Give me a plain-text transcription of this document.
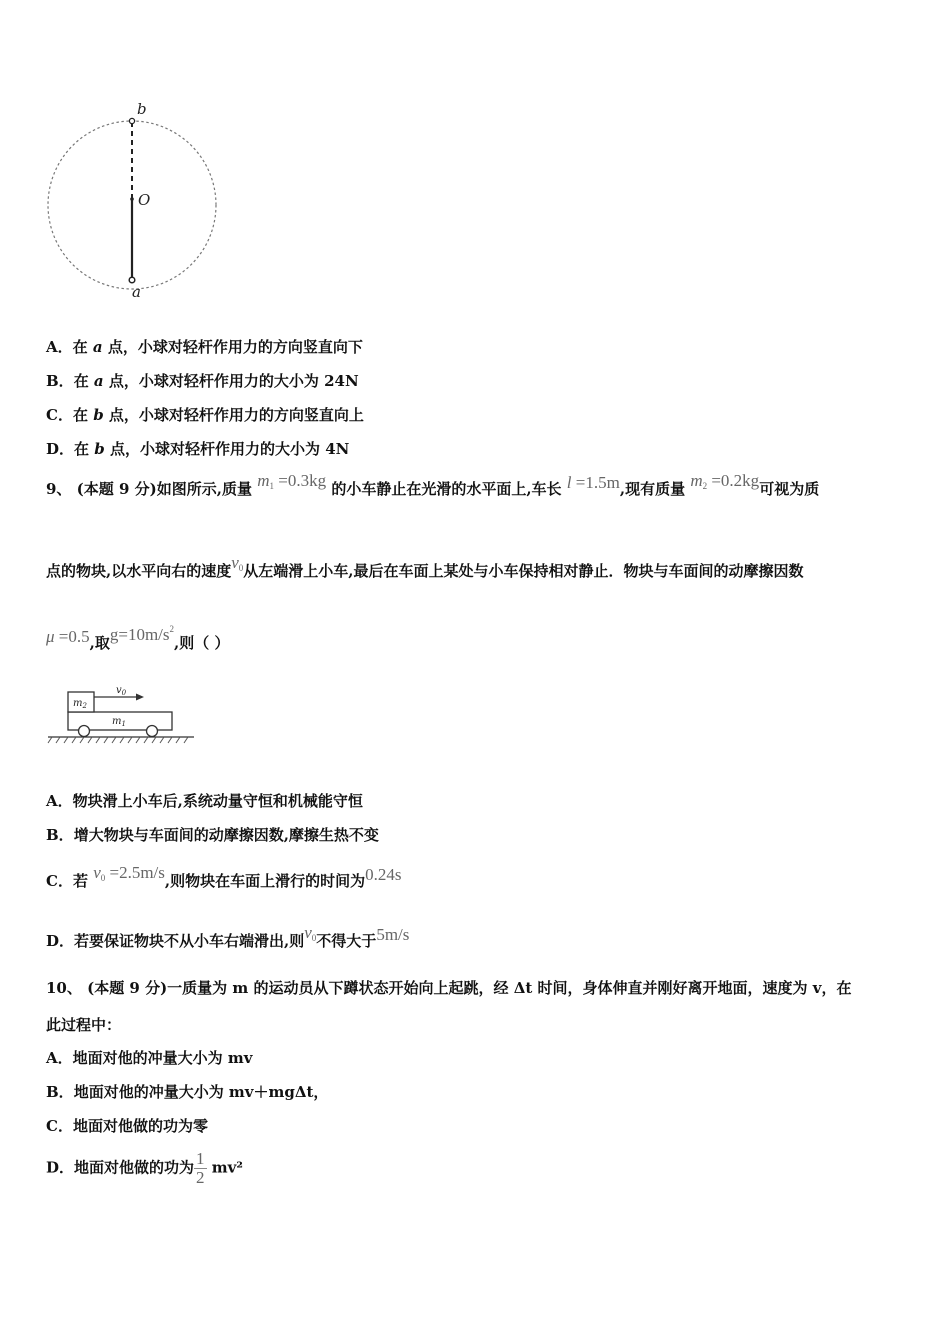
b
O
a
A．在 a 点，小球对轻杆作用力的方向竖直向下
B．在 a 点，小球对轻杆作用力的大小为 24N
C．在 b 点，小球对轻杆作用力的方向竖直向上
D．在 b 点，小球对轻杆作用力的大小为 4N
9、 (本题 9 分)如图所示,质量 $m_1 =0.3kg$ 的小车静止在光滑的水平面上,车长 l =1.5m,现有质量 $m_2 =0.2kg$可视为质
点的物块,以水平向右的速度$v_0$从左端滑上小车,最后在车面上某处与小车保持相对静止．物块与车面间的动摩擦因数
μ =0.5,取$g=10m/s^2$,则（ ）
$v_0$
$m_2$
$m_1$
A．物块滑上小车后,系统动量守恒和机械能守恒
B．增大物块与车面间的动摩擦因数,摩擦生热不变
C．若 $v_0 =2.5m/s$,则物块在车面上滑行的时间为0.24s
D．若要保证物块不从小车右端滑出,则$v_0$不得大于5m/s
10、 (本题 9 分)一质量为 m 的运动员从下蹲状态开始向上起跳，经 Δt 时间，身体伸直并刚好离开地面，速度为 v，在
此过程中：
A．地面对他的冲量大小为 mv
B．地面对他的冲量大小为 mv＋mgΔt，
C．地面对他做的功为零
D．地面对他做的功为 $\frac{1}{2} mv^2$
